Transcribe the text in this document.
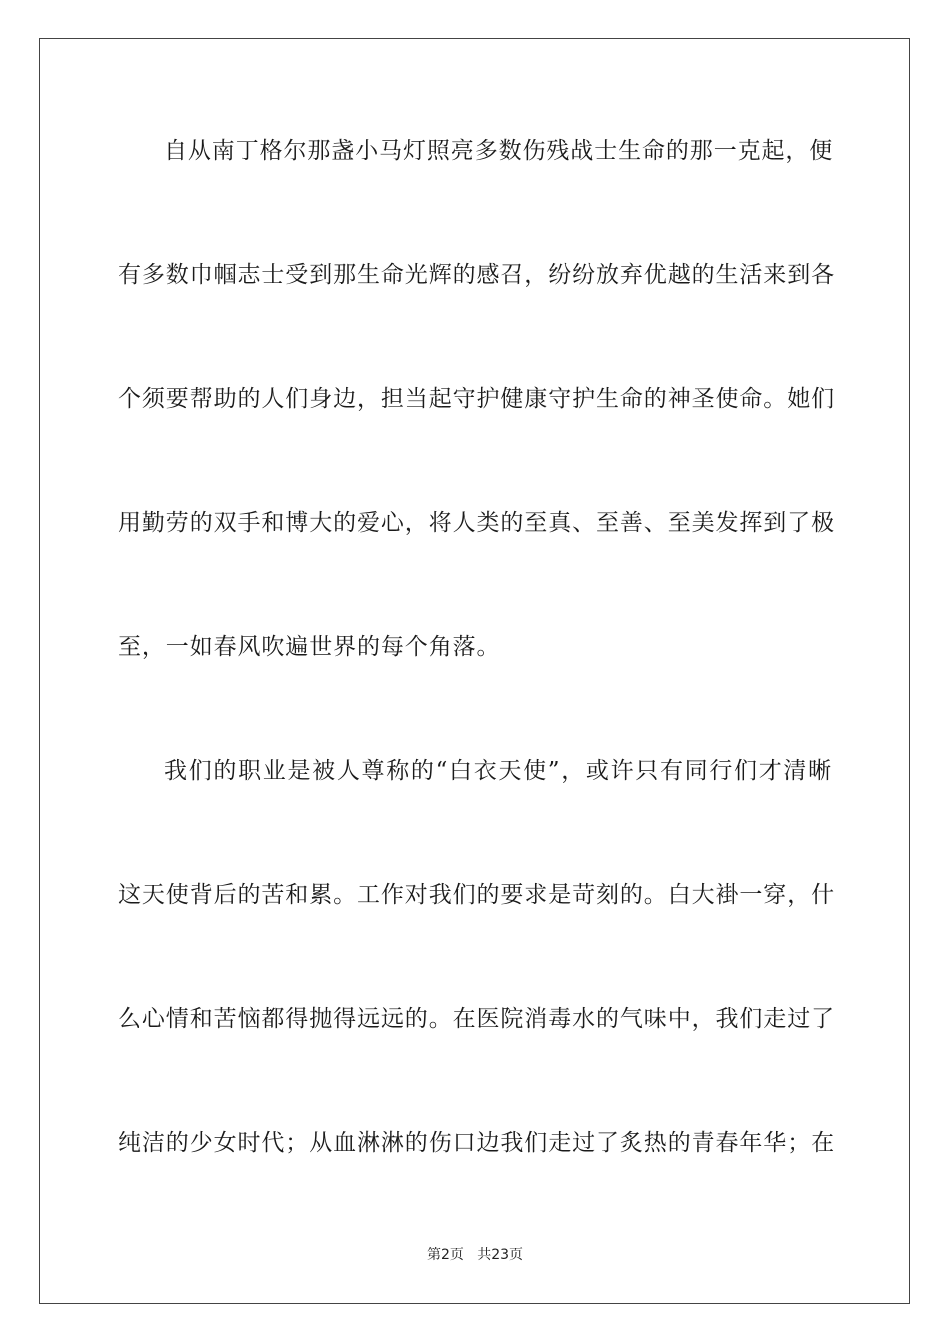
自从南丁格尔那盏小马灯照亮多数伤残战士生命的那一克起，便
有多数巾帼志士受到那生命光辉的感召，纷纷放弃优越的生活来到各
个须要帮助的人们身边，担当起守护健康守护生命的神圣使命。她们
用勤劳的双手和博大的爱心，将人类的至真、至善、至美发挥到了极
至，一如春风吹遍世界的每个角落。
我们的职业是被人尊称的“白衣天使”，或许只有同行们才清晰
这天使背后的苦和累。工作对我们的要求是苛刻的。白大褂一穿，什
么心情和苦恼都得抛得远远的。在医院消毒水的气味中，我们走过了
纯洁的少女时代；从血淋淋的伤口边我们走过了炙热的青春年华；在
第2页   共23页
